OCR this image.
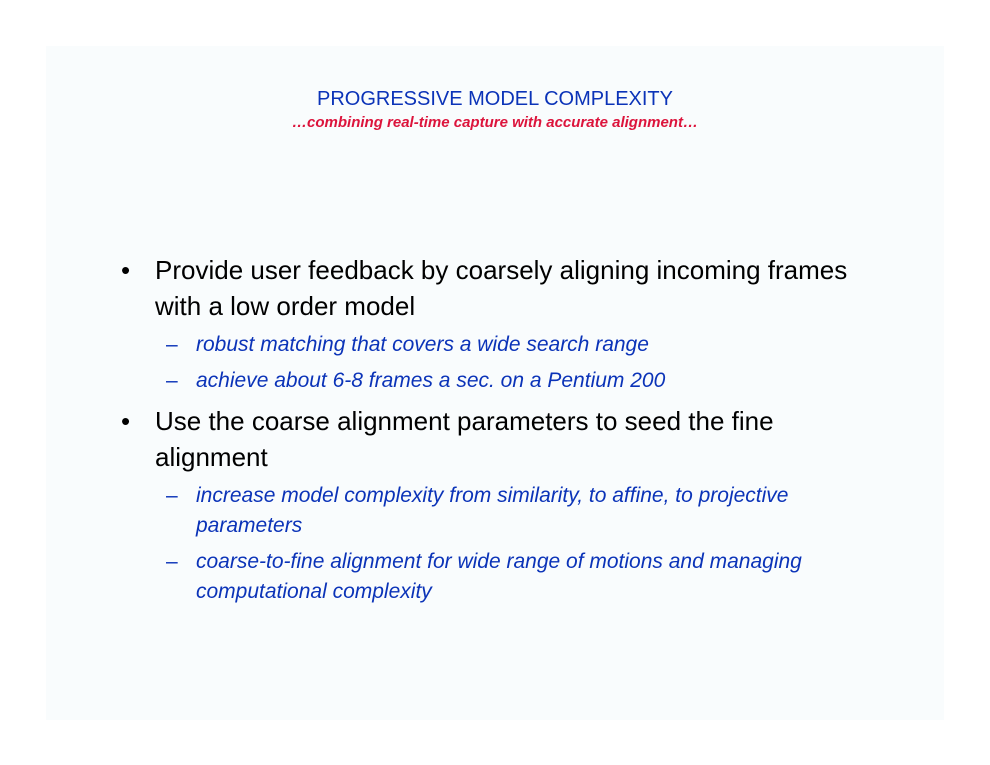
PROGRESSIVE MODEL COMPLEXITY
…combining real-time capture with accurate alignment…
• Provide user feedback by coarsely aligning incoming frames with a low order model
– robust matching that covers a wide search range
– achieve about 6-8 frames a sec. on a Pentium 200
• Use the coarse alignment parameters to seed the fine alignment
– increase model complexity from similarity, to affine, to projective parameters
– coarse-to-fine alignment for wide range of motions and managing computational complexity
